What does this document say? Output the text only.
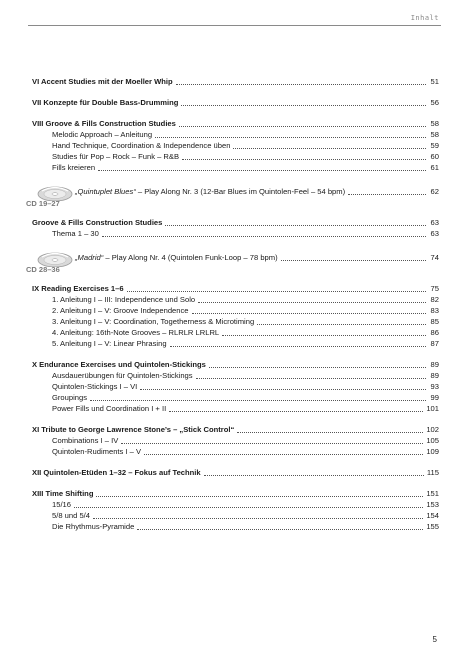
Inhalt
VI Accent Studies mit der Moeller Whip	51
VII Konzepte für Double Bass-Drumming	56
VIII Groove & Fills Construction Studies	58
Melodic Approach – Anleitung	58
Hand Technique, Coordination & Independence üben	59
Studies für Pop – Rock – Funk – R&B	60
Fills kreieren	61
CD 19–27
„Quintuplet Blues“ – Play Along Nr. 3 (12-Bar Blues im Quintolen-Feel – 54 bpm)	62
Groove & Fills Construction Studies	63
Thema 1 – 30	63
CD 28–36
„Madrid“ – Play Along Nr. 4 (Quintolen Funk-Loop – 78 bpm)	74
IX Reading Exercises 1–6	75
1. Anleitung I – III: Independence und Solo	82
2. Anleitung I – V: Groove Independence	83
3. Anleitung I – V: Coordination, Togetherness & Microtiming	85
4. Anleitung: 16th-Note Grooves – RLRLR LRLRL	86
5. Anleitung I – V: Linear Phrasing	87
X Endurance Exercises und Quintolen-Stickings	89
Ausdauerübungen für Quintolen-Stickings	89
Quintolen-Stickings I – VI	93
Groupings	99
Power Fills und Coordination I + II	101
XI Tribute to George Lawrence Stone’s – „Stick Control“	102
Combinations I – IV	105
Quintolen-Rudiments I – V	109
XII Quintolen-Etüden 1–32 – Fokus auf Technik	115
XIII Time Shifting	151
15/16	153
5/8 und 5/4	154
Die Rhythmus-Pyramide	155
5
